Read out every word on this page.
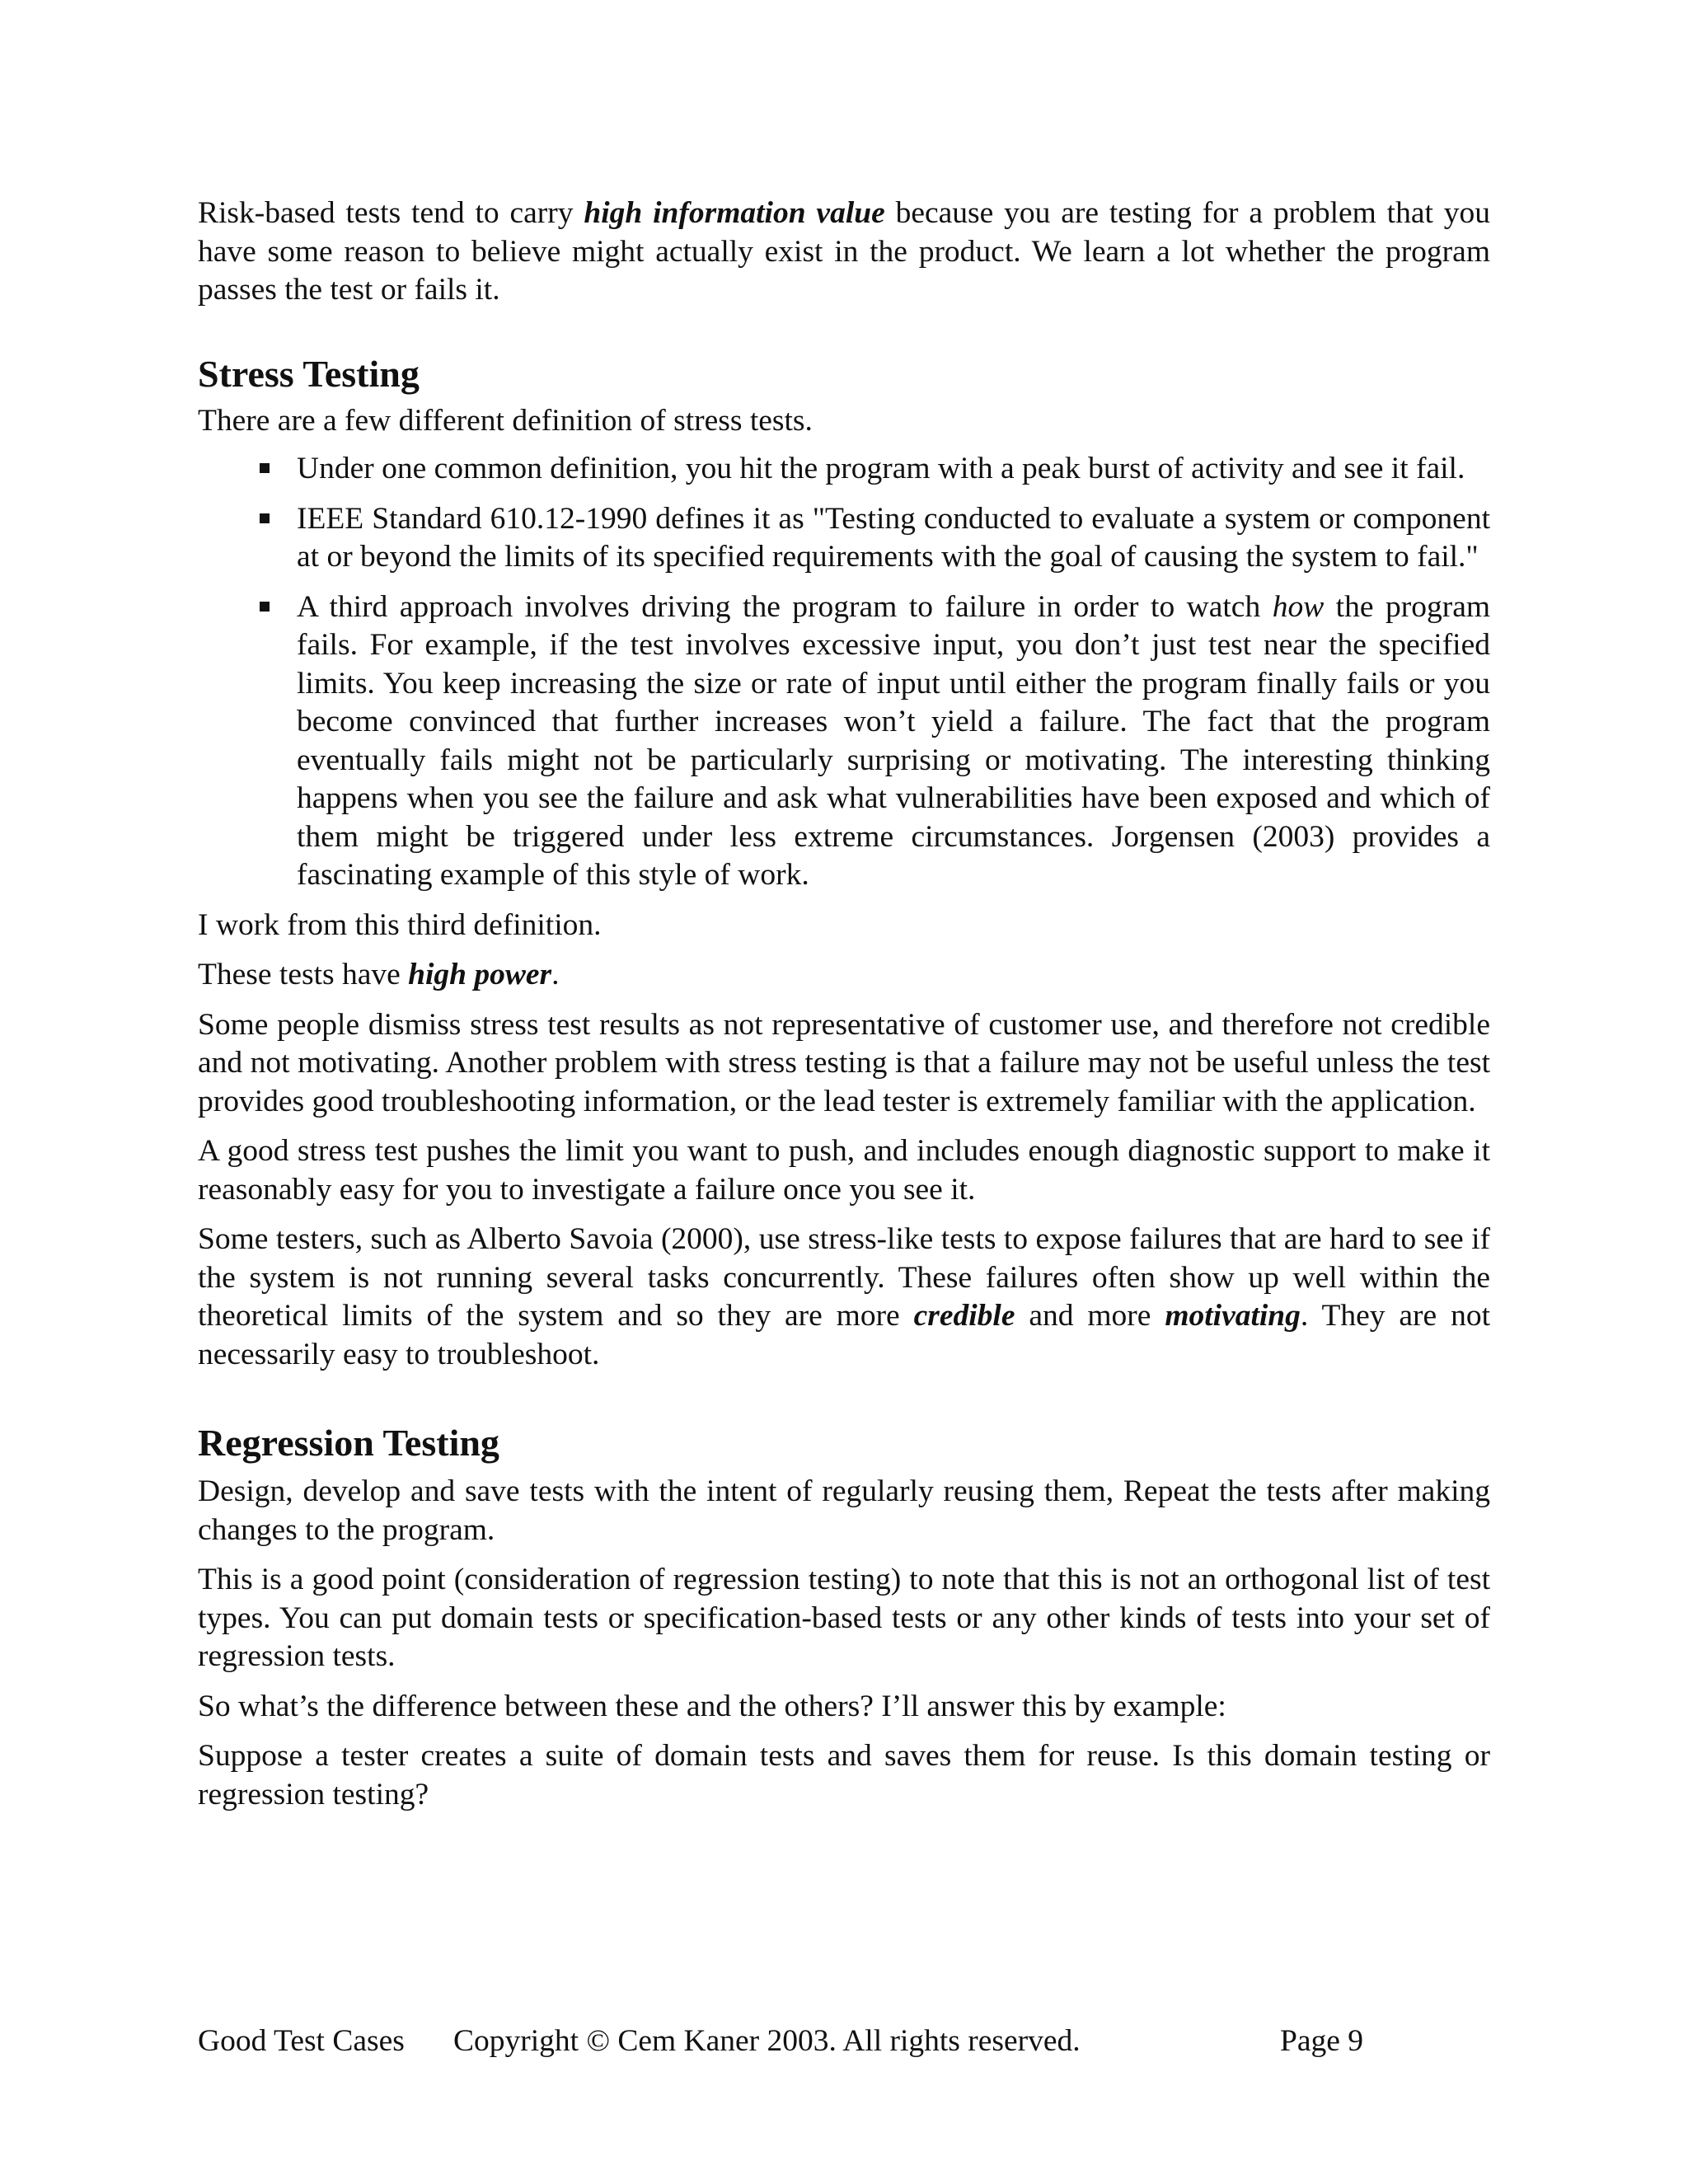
Risk-based tests tend to carry high information value because you are testing for a problem that you have some reason to believe might actually exist in the product. We learn a lot whether the program passes the test or fails it.

Stress Testing

There are a few different definition of stress tests.

Under one common definition, you hit the program with a peak burst of activity and see it fail.
IEEE Standard 610.12-1990 defines it as "Testing conducted to evaluate a system or component at or beyond the limits of its specified requirements with the goal of causing the system to fail."
A third approach involves driving the program to failure in order to watch how the program fails. For example, if the test involves excessive input, you don’t just test near the specified limits. You keep increasing the size or rate of input until either the program finally fails or you become convinced that further increases won’t yield a failure. The fact that the program eventually fails might not be particularly surprising or motivating. The interesting thinking happens when you see the failure and ask what vulnerabilities have been exposed and which of them might be triggered under less extreme circumstances. Jorgensen (2003) provides a fascinating example of this style of work.

I work from this third definition.

These tests have high power.

Some people dismiss stress test results as not representative of customer use, and therefore not credible and not motivating. Another problem with stress testing is that a failure may not be useful unless the test provides good troubleshooting information, or the lead tester is extremely familiar with the application.

A good stress test pushes the limit you want to push, and includes enough diagnostic support to make it reasonably easy for you to investigate a failure once you see it.

Some testers, such as Alberto Savoia (2000), use stress-like tests to expose failures that are hard to see if the system is not running several tasks concurrently. These failures often show up well within the theoretical limits of the system and so they are more credible and more motivating. They are not necessarily easy to troubleshoot.

Regression Testing

Design, develop and save tests with the intent of regularly reusing them, Repeat the tests after making changes to the program.

This is a good point (consideration of regression testing) to note that this is not an orthogonal list of test types. You can put domain tests or specification-based tests or any other kinds of tests into your set of regression tests.

So what’s the difference between these and the others? I’ll answer this by example:

Suppose a tester creates a suite of domain tests and saves them for reuse. Is this domain testing or regression testing?

Good Test Cases Copyright © Cem Kaner 2003. All rights reserved.	Page 9
